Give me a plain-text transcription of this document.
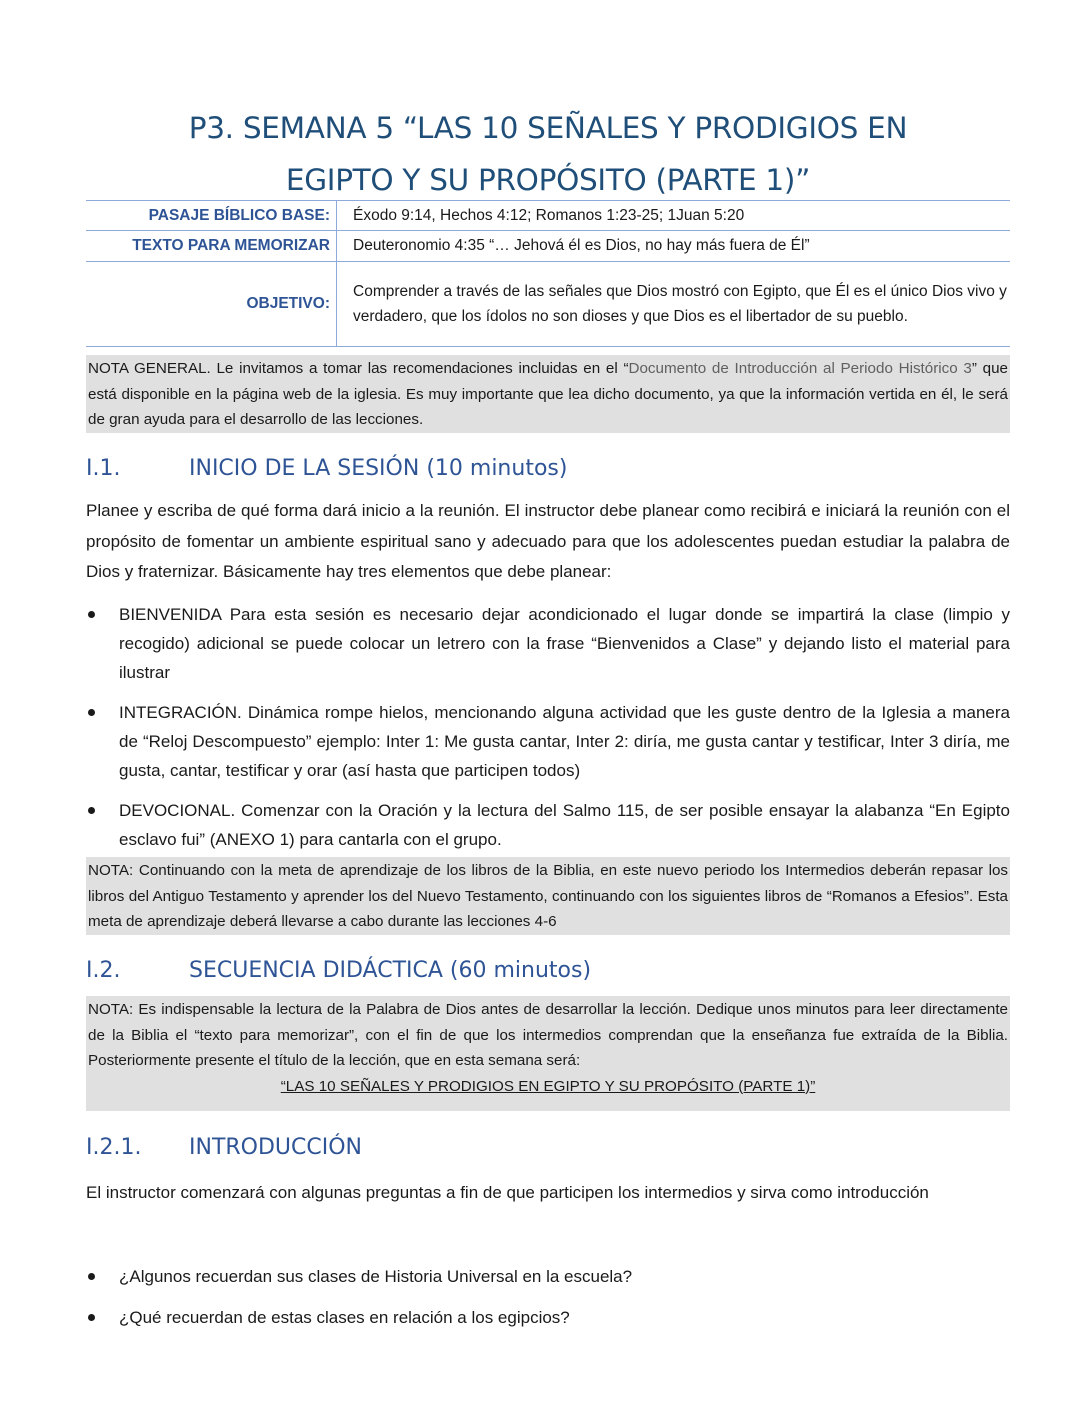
P3. SEMANA 5 “LAS 10 SEÑALES Y PRODIGIOS EN
EGIPTO Y SU PROPÓSITO (PARTE 1)”
PASAJE BÍBLICO BASE:	Éxodo 9:14, Hechos 4:12; Romanos 1:23-25; 1Juan 5:20
TEXTO PARA MEMORIZAR	Deuteronomio 4:35 “… Jehová él es Dios, no hay más fuera de Él”
OBJETIVO:	Comprender a través de las señales que Dios mostró con Egipto, que Él es el único Dios vivo y verdadero, que los ídolos no son dioses y que Dios es el libertador de su pueblo.

NOTA GENERAL. Le invitamos a tomar las recomendaciones incluidas en el “Documento de Introducción al Periodo Histórico 3” que está disponible en la página web de la iglesia. Es muy importante que lea dicho documento, ya que la información vertida en él, le será de gran ayuda para el desarrollo de las lecciones.

I.1.	INICIO DE LA SESIÓN (10 minutos)

Planee y escriba de qué forma dará inicio a la reunión. El instructor debe planear como recibirá e iniciará la reunión con el propósito de fomentar un ambiente espiritual sano y adecuado para que los adolescentes puedan estudiar la palabra de Dios y fraternizar. Básicamente hay tres elementos que debe planear:

BIENVENIDA Para esta sesión es necesario dejar acondicionado el lugar donde se impartirá la clase (limpio y recogido) adicional se puede colocar un letrero con la frase “Bienvenidos a Clase” y dejando listo el material para ilustrar
INTEGRACIÓN. Dinámica rompe hielos, mencionando alguna actividad que les guste dentro de la Iglesia a manera de “Reloj Descompuesto” ejemplo: Inter 1: Me gusta cantar, Inter 2: diría, me gusta cantar y testificar, Inter 3 diría, me gusta, cantar, testificar y orar (así hasta que participen todos)
DEVOCIONAL. Comenzar con la Oración y la lectura del Salmo 115, de ser posible ensayar la alabanza “En Egipto esclavo fui” (ANEXO 1) para cantarla con el grupo.

NOTA: Continuando con la meta de aprendizaje de los libros de la Biblia, en este nuevo periodo los Intermedios deberán repasar los libros del Antiguo Testamento y aprender los del Nuevo Testamento, continuando con los siguientes libros de “Romanos a Efesios”. Esta meta de aprendizaje deberá llevarse a cabo durante las lecciones 4-6

I.2.	SECUENCIA DIDÁCTICA (60 minutos)

NOTA: Es indispensable la lectura de la Palabra de Dios antes de desarrollar la lección. Dedique unos minutos para leer directamente de la Biblia el “texto para memorizar”, con el fin de que los intermedios comprendan que la enseñanza fue extraída de la Biblia. Posteriormente presente el título de la lección, que en esta semana será:

“LAS 10 SEÑALES Y PRODIGIOS EN EGIPTO Y SU PROPÓSITO (PARTE 1)”

I.2.1. INTRODUCCIÓN

El instructor comenzará con algunas preguntas a fin de que participen los intermedios y sirva como introducción

¿Algunos recuerdan sus clases de Historia Universal en la escuela?
¿Qué recuerdan de estas clases en relación a los egipcios?
